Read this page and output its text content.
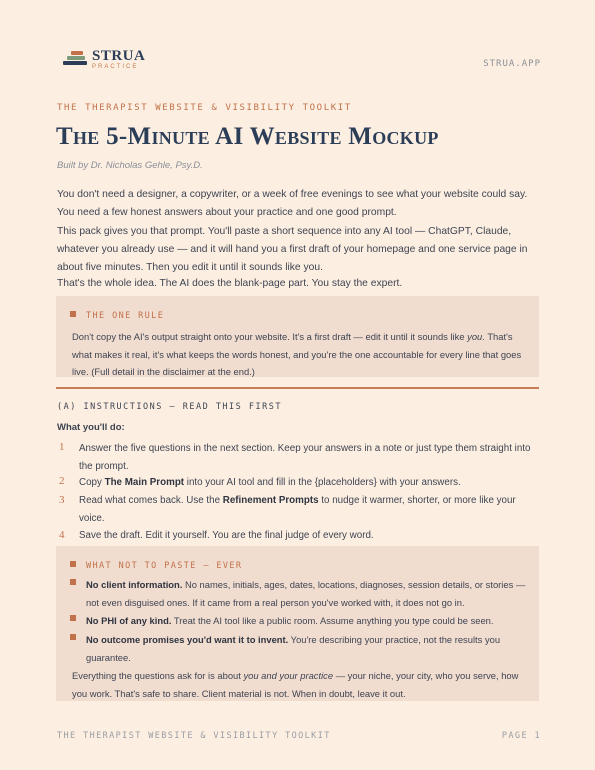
STRUA
PRACTICE	STRUA.APP
THE THERAPIST WEBSITE & VISIBILITY TOOLKIT
The 5-Minute AI Website Mockup
Built by Dr. Nicholas Gehle, Psy.D.

You don't need a designer, a copywriter, or a week of free evenings to see what your website could say. You need a few honest answers about your practice and one good prompt.

This pack gives you that prompt. You'll paste a short sequence into any AI tool — ChatGPT, Claude, whatever you already use — and it will hand you a first draft of your homepage and one service page in about five minutes. Then you edit it until it sounds like you.

That's the whole idea. The AI does the blank-page part. You stay the expert.

THE ONE RULE

Don't copy the AI's output straight onto your website. It's a first draft — edit it until it sounds like you. That's what makes it real, it's what keeps the words honest, and you're the one accountable for every line that goes live. (Full detail in the disclaimer at the end.)

(A) INSTRUCTIONS — READ THIS FIRST
What you'll do:
1 Answer the five questions in the next section. Keep your answers in a note or just type them straight into the prompt.
2 Copy The Main Prompt into your AI tool and fill in the {placeholders} with your answers.
3 Read what comes back. Use the Refinement Prompts to nudge it warmer, shorter, or more like your voice.
4 Save the draft. Edit it yourself. You are the final judge of every word.
WHAT NOT TO PASTE — EVER
No client information. No names, initials, ages, dates, locations, diagnoses, session details, or stories — not even disguised ones. If it came from a real person you've worked with, it does not go in.
No PHI of any kind. Treat the AI tool like a public room. Assume anything you type could be seen.
No outcome promises you'd want it to invent. You're describing your practice, not the results you guarantee.

Everything the questions ask for is about you and your practice — your niche, your city, who you serve, how you work. That's safe to share. Client material is not. When in doubt, leave it out.

THE THERAPIST WEBSITE & VISIBILITY TOOLKIT	PAGE 1
